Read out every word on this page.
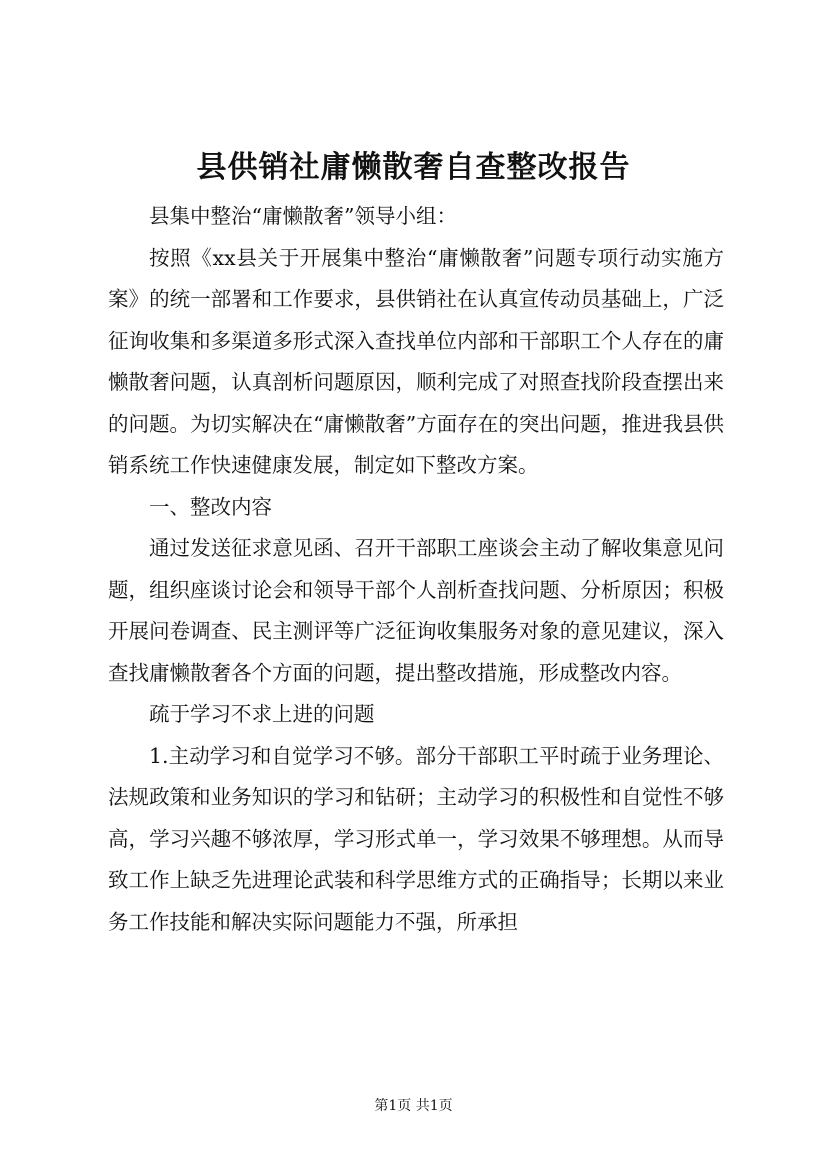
县供销社庸懒散奢自查整改报告

县集中整治“庸懒散奢”领导小组：

按照《xx县关于开展集中整治“庸懒散奢”问题专项行动实施方案》的统一部署和工作要求，县供销社在认真宣传动员基础上，广泛征询收集和多渠道多形式深入查找单位内部和干部职工个人存在的庸懒散奢问题，认真剖析问题原因，顺利完成了对照查找阶段查摆出来的问题。为切实解决在“庸懒散奢”方面存在的突出问题，推进我县供销系统工作快速健康发展，制定如下整改方案。

一、整改内容

通过发送征求意见函、召开干部职工座谈会主动了解收集意见问题，组织座谈讨论会和领导干部个人剖析查找问题、分析原因；积极开展问卷调查、民主测评等广泛征询收集服务对象的意见建议，深入查找庸懒散奢各个方面的问题，提出整改措施，形成整改内容。

疏于学习不求上进的问题

1.主动学习和自觉学习不够。部分干部职工平时疏于业务理论、法规政策和业务知识的学习和钻研；主动学习的积极性和自觉性不够高，学习兴趣不够浓厚，学习形式单一，学习效果不够理想。从而导致工作上缺乏先进理论武装和科学思维方式的正确指导；长期以来业务工作技能和解决实际问题能力不强，所承担

第1页 共1页
